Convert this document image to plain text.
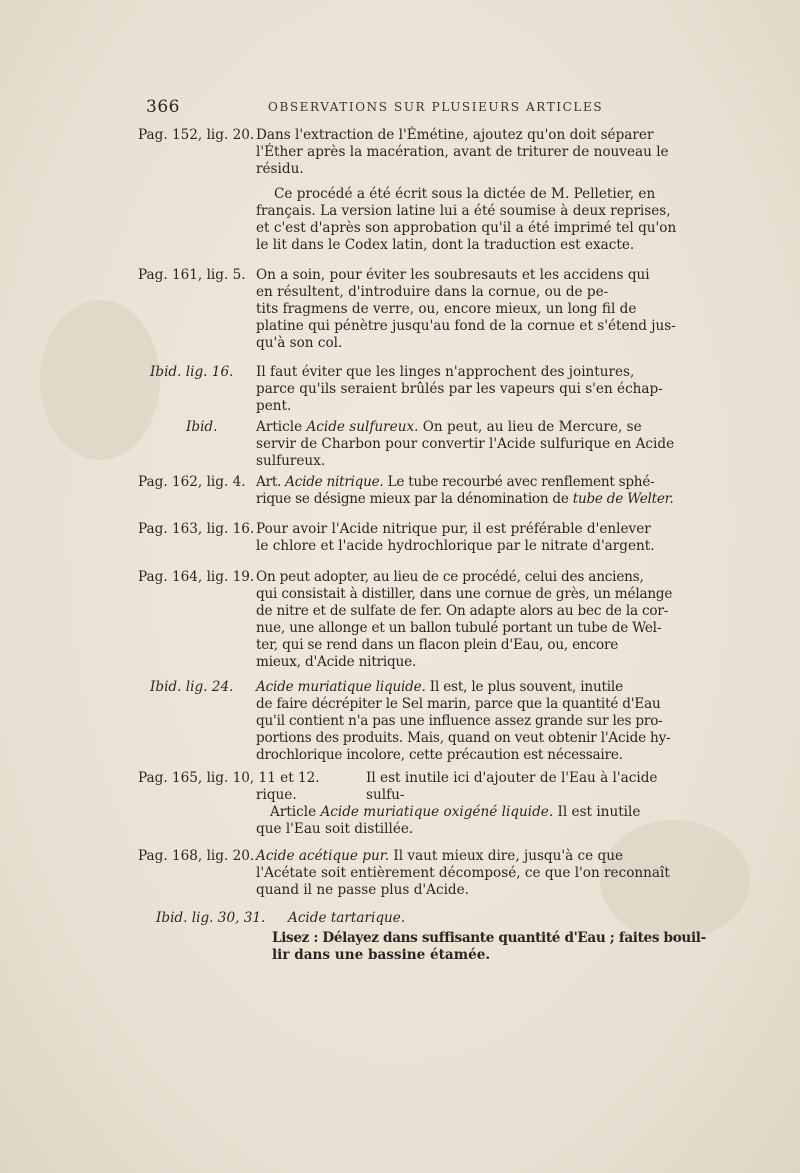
366	OBSERVATIONS SUR PLUSIEURS ARTICLES
Pag. 152, lig. 20. Dans l'extraction de l'Émétine, ajoutez qu'on doit séparer

l'Éther après la macération, avant de triturer de nouveau le

résidu.

Ce procédé a été écrit sous la dictée de M. Pelletier, en

français. La version latine lui a été soumise à deux reprises,

et c'est d'après son approbation qu'il a été imprimé tel qu'on

le lit dans le Codex latin, dont la traduction est exacte.

Pag. 161, lig. 5. On a soin, pour éviter les soubresauts et les accidens qui

en résultent, d'introduire dans la cornue, ou de pe-

tits fragmens de verre, ou, encore mieux, un long fil de

platine qui pénètre jusqu'au fond de la cornue et s'étend jus-

qu'à son col.

Ibid. lig. 16. Il faut éviter que les linges n'approchent des jointures,

parce qu'ils seraient brûlés par les vapeurs qui s'en échap-

pent.

Ibid.	Article Acide sulfureux. On peut, au lieu de Mercure, se

servir de Charbon pour convertir l'Acide sulfurique en Acide

sulfureux.

Pag. 162, lig. 4. Art. Acide nitrique. Le tube recourbé avec renflement sphé-

rique se désigne mieux par la dénomination de tube de Welter.

Pag. 163, lig. 16. Pour avoir l'Acide nitrique pur, il est préférable d'enlever

le chlore et l'acide hydrochlorique par le nitrate d'argent.

Pag. 164, lig. 19. On peut adopter, au lieu de ce procédé, celui des anciens,

qui consistait à distiller, dans une cornue de grès, un mélange

de nitre et de sulfate de fer. On adapte alors au bec de la cor-

nue, une allonge et un ballon tubulé portant un tube de Wel-

ter, qui se rend dans un flacon plein d'Eau, ou, encore

mieux, d'Acide nitrique.

Ibid. lig. 24. Acide muriatique liquide. Il est, le plus souvent, inutile

de faire décrépiter le Sel marin, parce que la quantité d'Eau

qu'il contient n'a pas une influence assez grande sur les pro-

portions des produits. Mais, quand on veut obtenir l'Acide hy-

drochlorique incolore, cette précaution est nécessaire.

Pag. 165, lig. 10, 11 et 12.

rique.

Il est inutile ici d'ajouter de l'Eau à l'acide sulfu-

Article Acide muriatique oxigéné liquide. Il est inutile

que l'Eau soit distillée.

Pag. 168, lig. 20. Acide acétique pur. Il vaut mieux dire, jusqu'à ce que

l'Acétate soit entièrement décomposé, ce que l'on reconnaît

quand il ne passe plus d'Acide.

Ibid. lig. 30, 31. Acide tartarique.

Lisez : Délayez dans suffisante quantité d'Eau ; faites bouil-

lir dans une bassine étamée.
